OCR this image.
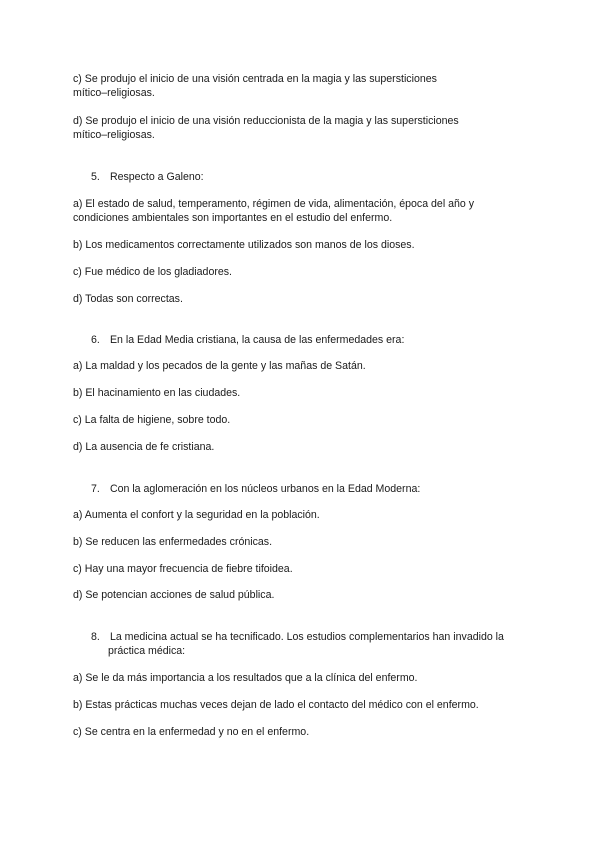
c) Se produjo el inicio de una visión centrada en la magia y las supersticiones
mítico–religiosas.
d) Se produjo el inicio de una visión reduccionista de la magia y las supersticiones
mítico–religiosas.
5. Respecto a Galeno:
a) El estado de salud, temperamento, régimen de vida, alimentación, época del año y
condiciones ambientales son importantes en el estudio del enfermo.
b) Los medicamentos correctamente utilizados son manos de los dioses.
c) Fue médico de los gladiadores.
d) Todas son correctas.
6. En la Edad Media cristiana, la causa de las enfermedades era:
a) La maldad y los pecados de la gente y las mañas de Satán.
b) El hacinamiento en las ciudades.
c) La falta de higiene, sobre todo.
d) La ausencia de fe cristiana.
7. Con la aglomeración en los núcleos urbanos en la Edad Moderna:
a) Aumenta el confort y la seguridad en la población.
b) Se reducen las enfermedades crónicas.
c) Hay una mayor frecuencia de fiebre tifoidea.
d) Se potencian acciones de salud pública.
8. La medicina actual se ha tecnificado. Los estudios complementarios han invadido la
práctica médica:
a) Se le da más importancia a los resultados que a la clínica del enfermo.
b) Estas prácticas muchas veces dejan de lado el contacto del médico con el enfermo.
c) Se centra en la enfermedad y no en el enfermo.
